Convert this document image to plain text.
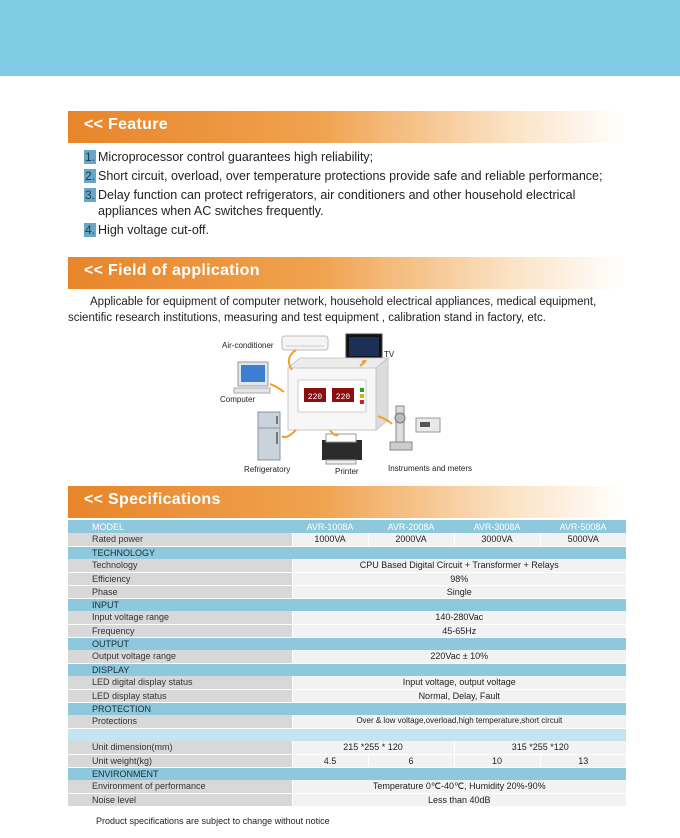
<< Feature
1. Microprocessor control guarantees high reliability;
2. Short circuit, overload, over temperature protections provide safe and reliable performance;
3. Delay function can protect refrigerators, air conditioners and other household electrical appliances when AC switches frequently.
4. High voltage cut-off.
<< Field of application
Applicable for equipment of computer network, household electrical appliances, medical equipment, scientific research institutions, measuring and test equipment , calibration stand in factory, etc.
220 220
Air-conditioner
TV
Computer
Refrigeratory	Printer	Instruments and meters
<< Specifications
MODEL	AVR-1008A	AVR-2008A	AVR-3008A	AVR-5008A
Rated power	1000VA	2000VA	3000VA	5000VA
TECHNOLOGY				
Technology	CPU Based Digital Circuit + Transformer + Relays			
Efficiency	98%			
Phase	Single			
INPUT				
Input voltage range	140-280Vac			
Frequency	45-65Hz			
OUTPUT				
Output voltage range	220Vac ± 10%			
DISPLAY				
LED digital display status	Input voltage, output voltage			
LED display status	Normal, Delay, Fault			
PROTECTION				
Protections	Over & low voltage,overload,high temperature,short circuit			

Unit dimension(mm)	215 *255 * 120		315 *255 *120	
Unit weight(kg)	4.5	6	10	13
ENVIRONMENT				
Environment of performance	Temperature 0℃-40℃, Humidity 20%-90%			
Noise level	Less than 40dB			
Product specifications are subject to change without notice
